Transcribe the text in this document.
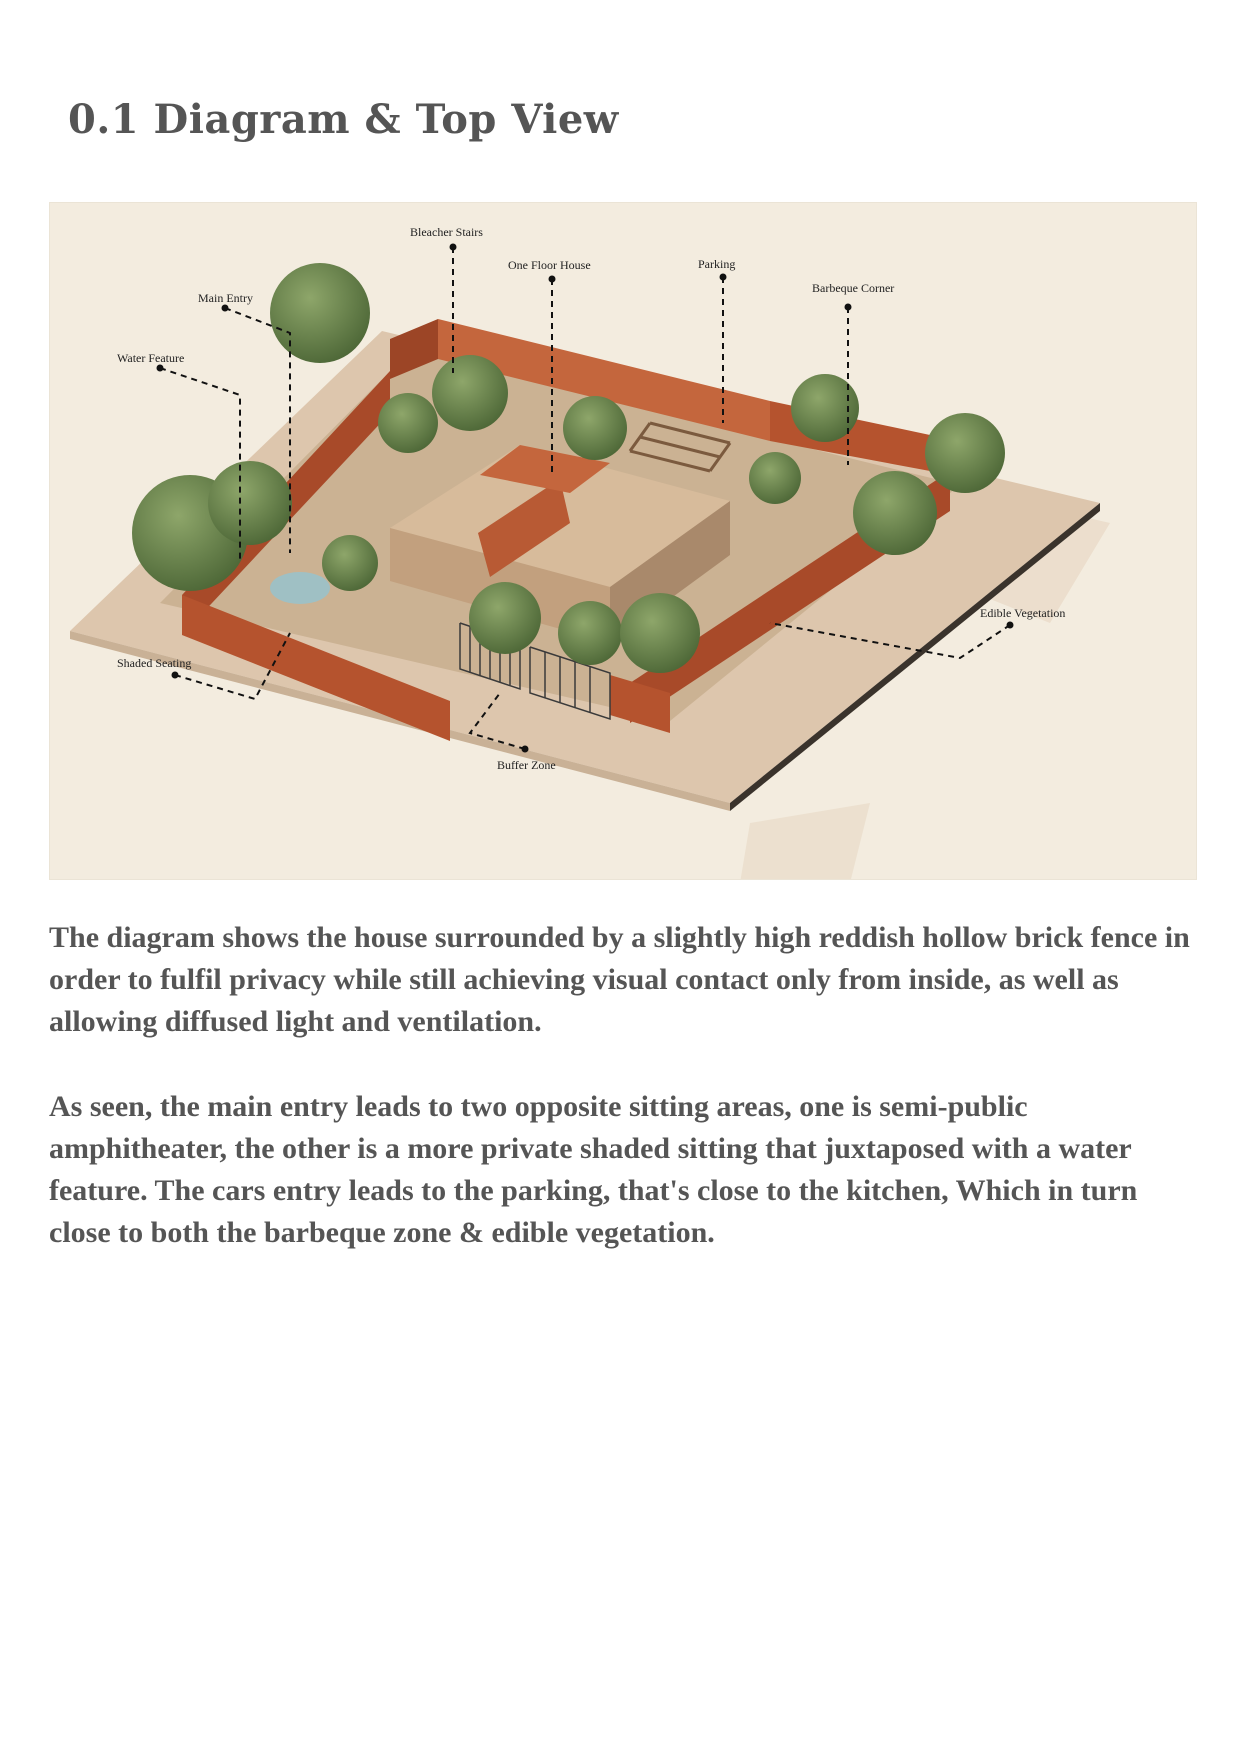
0.1 Diagram & Top View
Bleacher Stairs
One Floor House	Parking
Barbeque Corner
Main Entry
Water Feature
Edible Vegetation
Shaded Seating
Buffer Zone

The diagram shows the house surrounded by a slightly high reddish hollow brick fence in order to fulfil privacy while still achieving visual contact only from inside, as well as allowing diffused light and ventilation.

As seen, the main entry leads to two opposite sitting areas, one is semi-public amphitheater, the other is a more private shaded sitting that juxtaposed with a water feature. The cars entry leads to the parking, that's close to the kitchen, Which in turn close to both the barbeque zone & edible vegetation.
